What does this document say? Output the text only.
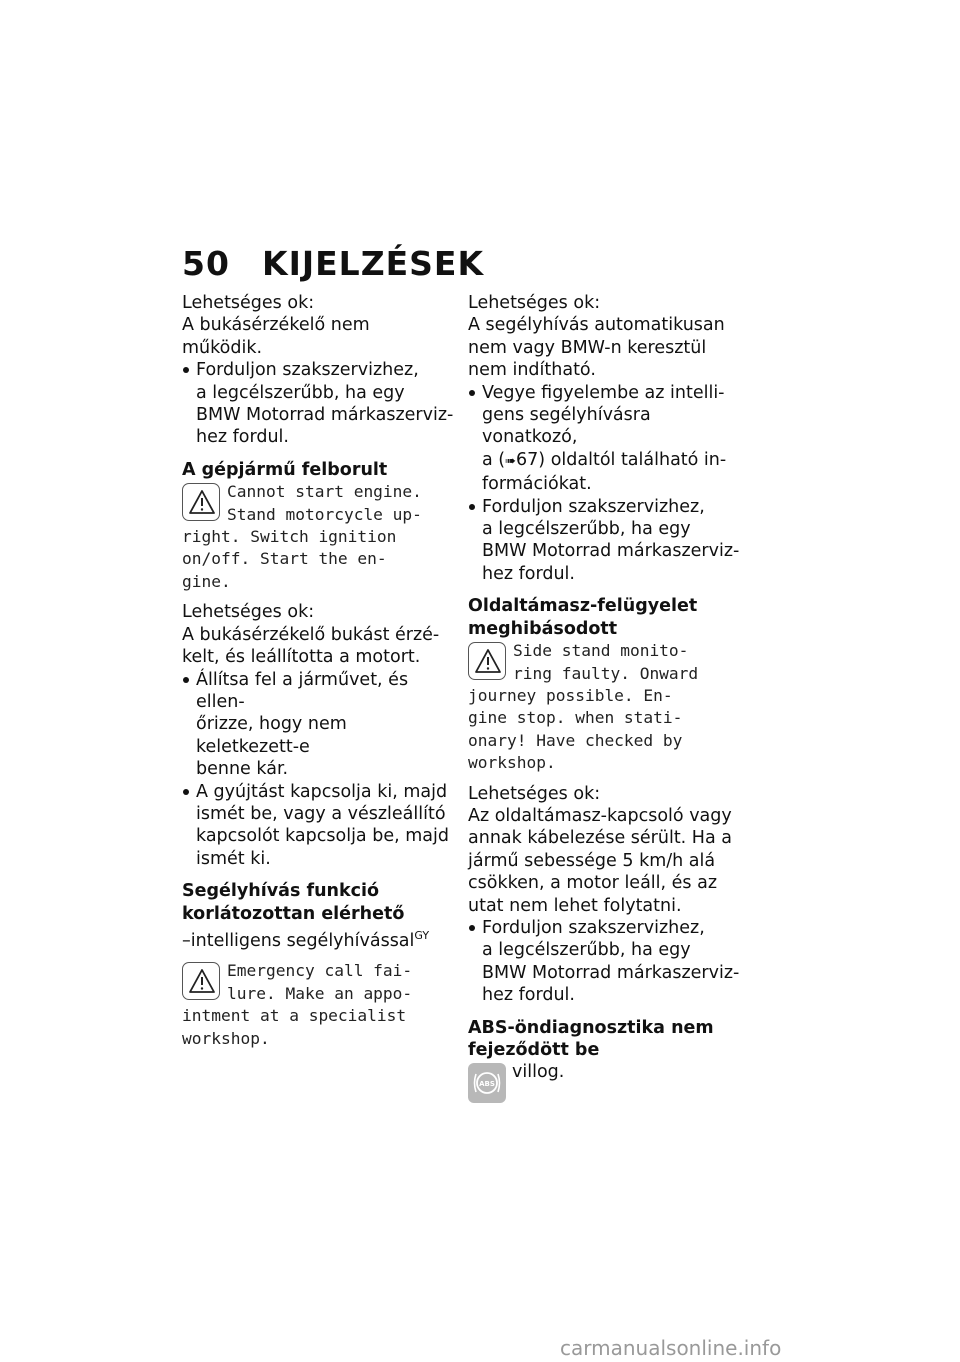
50 KIJELZÉSEK

Lehetséges ok:

A bukásérzékelő nem működik.

Forduljon szakszervizhez,
a legcélszerűbb, ha egy
BMW Motorrad márkaszerviz-
hez fordul.
A gépjármű felborult
Cannot start engine.
Stand motorcycle up-
right. Switch ignition
on/off. Start the en-
gine.

Lehetséges ok:

A bukásérzékelő bukást érzé-

kelt, és leállította a motort.

Állítsa fel a járművet, és ellen-
őrizze, hogy nem keletkezett-e
benne kár.
A gyújtást kapcsolja ki, majd
ismét be, vagy a vészleállító
kapcsolót kapcsolja be, majd
ismét ki.
Segélyhívás funkció
korlátozottan elérhető

–intelligens segélyhívással$^{GY}$

Emergency call fai-
lure. Make an appo-
intment at a specialist
workshop.

Lehetséges ok:

A segélyhívás automatikusan

nem vagy BMW-n keresztül

nem indítható.

Vegye figyelembe az intelli-
gens segélyhívásra vonatkozó,
a (➠67) oldaltól található in-
formációkat.
Forduljon szakszervizhez,
a legcélszerűbb, ha egy
BMW Motorrad márkaszerviz-
hez fordul.
Oldaltámasz-felügyelet
meghibásodott
Side stand monito-
ring faulty. Onward
journey possible. En-
gine stop. when stati-
onary! Have checked by
workshop.

Lehetséges ok:

Az oldaltámasz-kapcsoló vagy

annak kábelezése sérült. Ha a

jármű sebessége 5 km/h alá

csökken, a motor leáll, és az

utat nem lehet folytatni.

Forduljon szakszervizhez,
a legcélszerűbb, ha egy
BMW Motorrad márkaszerviz-
hez fordul.
ABS-öndiagnosztika nem
fejeződött be
ABS
villog.
carmanualsonline.info
